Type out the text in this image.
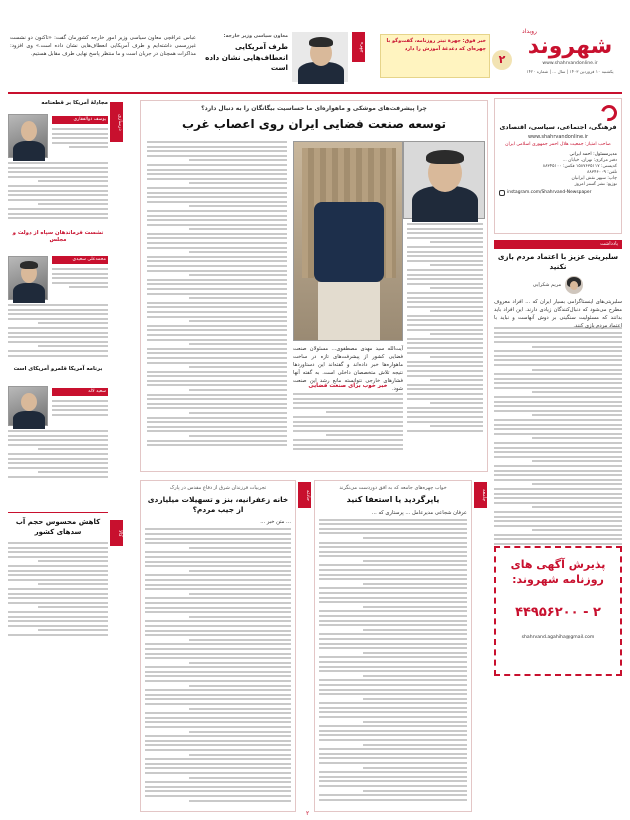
معاون سیاسی وزیر خارجه:
طرف آمریکایی انعطاف‌هایی نشان داده است
عباس عراقچی معاون سیاسی وزیر امور خارجه کشورمان گفت: «تاکنون دو نشست غیررسمی داشته‌ایم و طرف آمریکایی انعطاف‌هایی نشان داده است.» وی افزود: مذاکرات همچنان در جریان است و ما منتظر پاسخ نهایی طرف مقابل هستیم.
چهره
خبر فوق: چهرهٔ تیتر روزنامه، گفت‌وگو با چهره‌ای که دغدغهٔ آموزش را دارد
۲
روبداد
شهروند
www.shahrvandonline.ir
یکشنبه ۱۰ فروردین ۱۴۰۳ | سال ... | شماره ۱۴۲۰
فرهنگی، اجتماعی، سیاسی، اقتصادی
www.shahrvandonline.ir
صاحب امتیاز: جمعیت هلال احمر جمهوری اسلامی ایران
مدیرمسئول: احمد ایرانی
دفتر مرکزی: تهران، خیابان ...
کدپستی: ۱۵۸۷۶۳۵۱۱۷ فکس: ۸۸۳۴۵۱۰۰
تلفن: ۸۸۳۴۶۰۰۹
چاپ: سپهر نقش ایرانیان
توزیع: نشر گستر امروز
instagram.com/Shahrvand-Newspaper
یادداشت
سلبریتی عزیز با اعتماد مردم بازی نکنید
مریم شکرایی
سلبریتی‌های اینستاگرامی بسیار ایران که ... افراد معروف مطرح می‌شود که دنبال‌کنندگان زیادی دارند. این افراد باید بدانند که مسئولیت سنگینی بر دوش آنهاست و نباید با اعتماد مردم بازی کنند.
پذیرش آگهی های روزنامه شهروند:
۲ - ۴۴۹۵۶۲۰۰
shahrvand.agahiha@gmail.com
درسازی
مجادلهٔ آمریکا بر قطعنامه
یوسف ذوالفقاری
نشست فرماندهان سپاه از دولت و مجلس
محمدعلی سعیدی
برنامه آمریکا قلمرو آمریکای است
سعید لاله
کاهش محسوس حجم آب سدهای کشور	کالا
چرا پیشرفت‌های موشکی و ماهواره‌ای ما حساسیت بیگانگان را به دنبال دارد؟
توسعه صنعت فضایی ایران روی اعصاب غرب
آیت‌الله سید مهدی مصطفوی... مسئولان صنعت فضایی کشور از پیشرفت‌های تازه در ساخت ماهواره‌ها خبر داده‌اند و گفته‌اند این دستاوردها نتیجه تلاش متخصصان داخلی است. به گفته آنها فشارهای خارجی نتوانسته مانع رشد این صنعت شود.
خبر خوب برای صنعت فضایی
جامعه
خواب چهره‌های جامعه که به افق دوردست می‌نگرند
یاپرگردید یا استعفا کنید
عرفان شجاعی مدیرعامل ... پرستاری که ...
حادثه
تجربیات فرزندان شرق از دفاع مقدس در پارک
خانه زعفرانیه، بنز و تسهیلات میلیاردی از جیب مردم؟
... متن خبر ...
۲
